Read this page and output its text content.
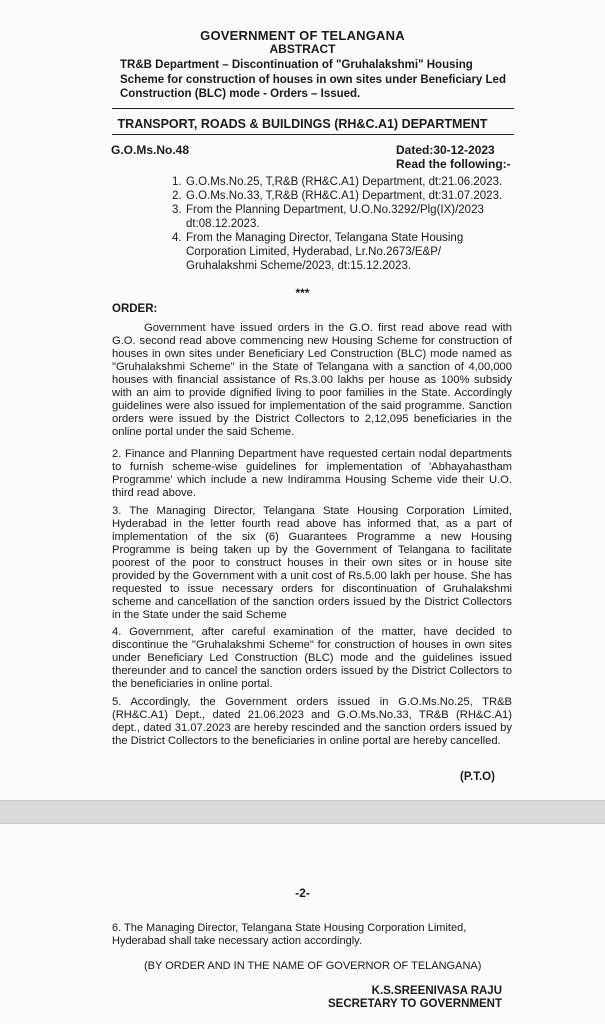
GOVERNMENT OF TELANGANA
ABSTRACT
TR&B Department – Discontinuation of "Gruhalakshmi" Housing Scheme for construction of houses in own sites under Beneficiary Led Construction (BLC) mode - Orders – Issued.
TRANSPORT, ROADS & BUILDINGS (RH&C.A1) DEPARTMENT
G.O.Ms.No.48	Dated:30-12-2023
Read the following:-
1. G.O.Ms.No.25, T,R&B (RH&C.A1) Department, dt:21.06.2023.
2. G.O.Ms.No.33, T,R&B (RH&C.A1) Department, dt:31.07.2023.
3. From the Planning Department, U.O.No.3292/Plg(IX)/2023 dt:08.12.2023.
4. From the Managing Director, Telangana State Housing Corporation Limited, Hyderabad, Lr.No.2673/E&P/ Gruhalakshmi Scheme/2023, dt:15.12.2023.
***
ORDER:
Government have issued orders in the G.O. first read above read with G.O. second read above commencing new Housing Scheme for construction of houses in own sites under Beneficiary Led Construction (BLC) mode named as "Gruhalakshmi Scheme" in the State of Telangana with a sanction of 4,00,000 houses with financial assistance of Rs.3.00 lakhs per house as 100% subsidy with an aim to provide dignified living to poor families in the State. Accordingly guidelines were also issued for implementation of the said programme. Sanction orders were issued by the District Collectors to 2,12,095 beneficiaries in the online portal under the said Scheme.
2. Finance and Planning Department have requested certain nodal departments to furnish scheme-wise guidelines for implementation of 'Abhayahastham Programme' which include a new Indiramma Housing Scheme vide their U.O. third read above.
3. The Managing Director, Telangana State Housing Corporation Limited, Hyderabad in the letter fourth read above has informed that, as a part of implementation of the six (6) Guarantees Programme a new Housing Programme is being taken up by the Government of Telangana to facilitate poorest of the poor to construct houses in their own sites or in house site provided by the Government with a unit cost of Rs.5.00 lakh per house. She has requested to issue necessary orders for discontinuation of Gruhalakshmi scheme and cancellation of the sanction orders issued by the District Collectors in the State under the said Scheme
4. Government, after careful examination of the matter, have decided to discontinue the "Gruhalakshmi Scheme" for construction of houses in own sites under Beneficiary Led Construction (BLC) mode and the guidelines issued thereunder and to cancel the sanction orders issued by the District Collectors to the beneficiaries in online portal.
5. Accordingly, the Government orders issued in G.O.Ms.No.25, TR&B (RH&C.A1) Dept., dated 21.06.2023 and G.O.Ms.No.33, TR&B (RH&C.A1) dept., dated 31.07.2023 are hereby rescinded and the sanction orders issued by the District Collectors to the beneficiaries in online portal are hereby cancelled.
(P.T.O)
-2-
6. The Managing Director, Telangana State Housing Corporation Limited, Hyderabad shall take necessary action accordingly.
(BY ORDER AND IN THE NAME OF GOVERNOR OF TELANGANA)
K.S.SREENIVASA RAJU
SECRETARY TO GOVERNMENT
